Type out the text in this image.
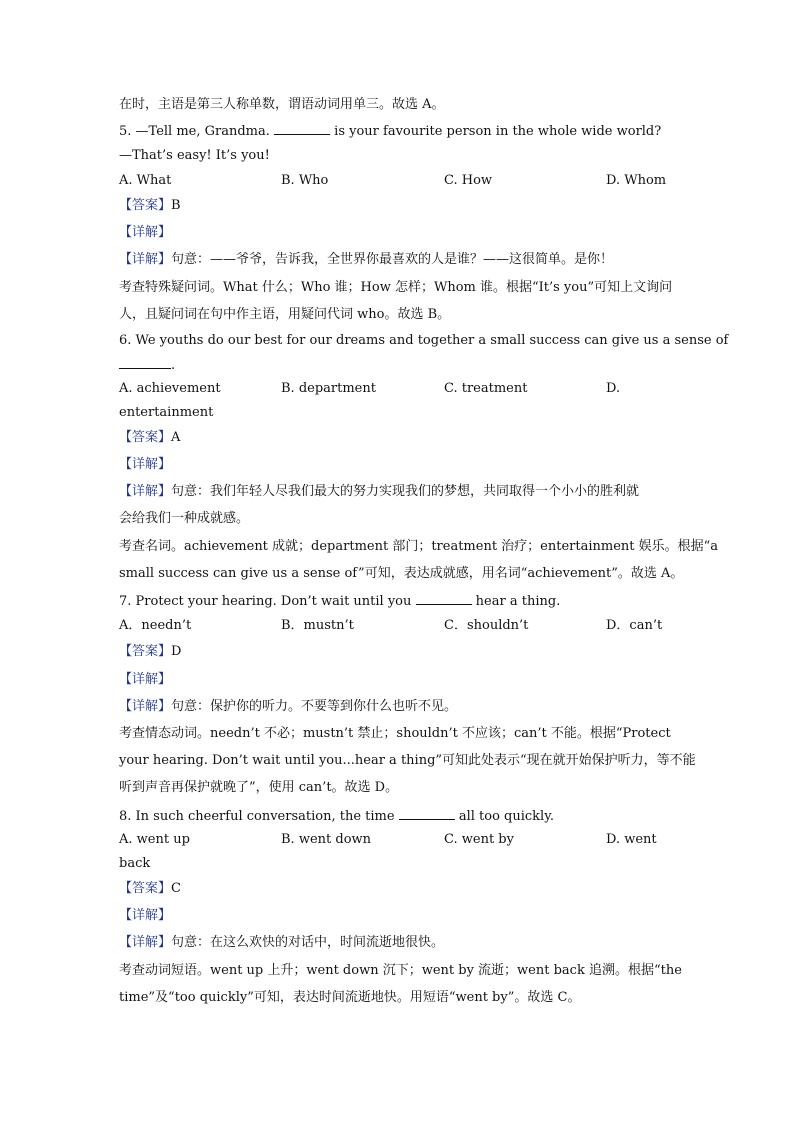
在时，主语是第三人称单数，谓语动词用单三。故选 A。
5. —Tell me, Grandma.	is your favourite person in the whole wide world?
—That’s easy! It’s you!
A. What	B. Who	C. How	D. Whom
【答案】B
【详解】
【详解】句意：——爷爷，告诉我，全世界你最喜欢的人是谁？——这很简单。是你！
考查特殊疑问词。What 什么；Who 谁；How 怎样；Whom 谁。根据“It’s you”可知上文询问
人，且疑问词在句中作主语，用疑问代词 who。故选 B。
6. We youths do our best for our dreams and together a small success can give us a sense of
.
A. achievement	B. department	C. treatment	D.
entertainment
【答案】A
【详解】
【详解】句意：我们年轻人尽我们最大的努力实现我们的梦想，共同取得一个小小的胜利就
会给我们一种成就感。
考查名词。achievement 成就；department 部门；treatment 治疗；entertainment 娱乐。根据“a
small success can give us a sense of”可知，表达成就感，用名词“achievement”。故选 A。
7. Protect your hearing. Don’t wait until you	hear a thing.
A．needn’t	B．mustn’t	C．shouldn’t	D．can’t
【答案】D
【详解】
【详解】句意：保护你的听力。不要等到你什么也听不见。
考查情态动词。needn’t 不必；mustn’t 禁止；shouldn’t 不应该；can’t 不能。根据“Protect
your hearing. Don’t wait until you...hear a thing”可知此处表示“现在就开始保护听力，等不能
听到声音再保护就晚了”，使用 can’t。故选 D。
8. In such cheerful conversation, the time	all too quickly.
A. went up	B. went down	C. went by	D. went
back
【答案】C
【详解】
【详解】句意：在这么欢快的对话中，时间流逝地很快。
考查动词短语。went up 上升；went down 沉下；went by 流逝；went back 追溯。根据“the
time”及“too quickly”可知，表达时间流逝地快。用短语“went by”。故选 C。
